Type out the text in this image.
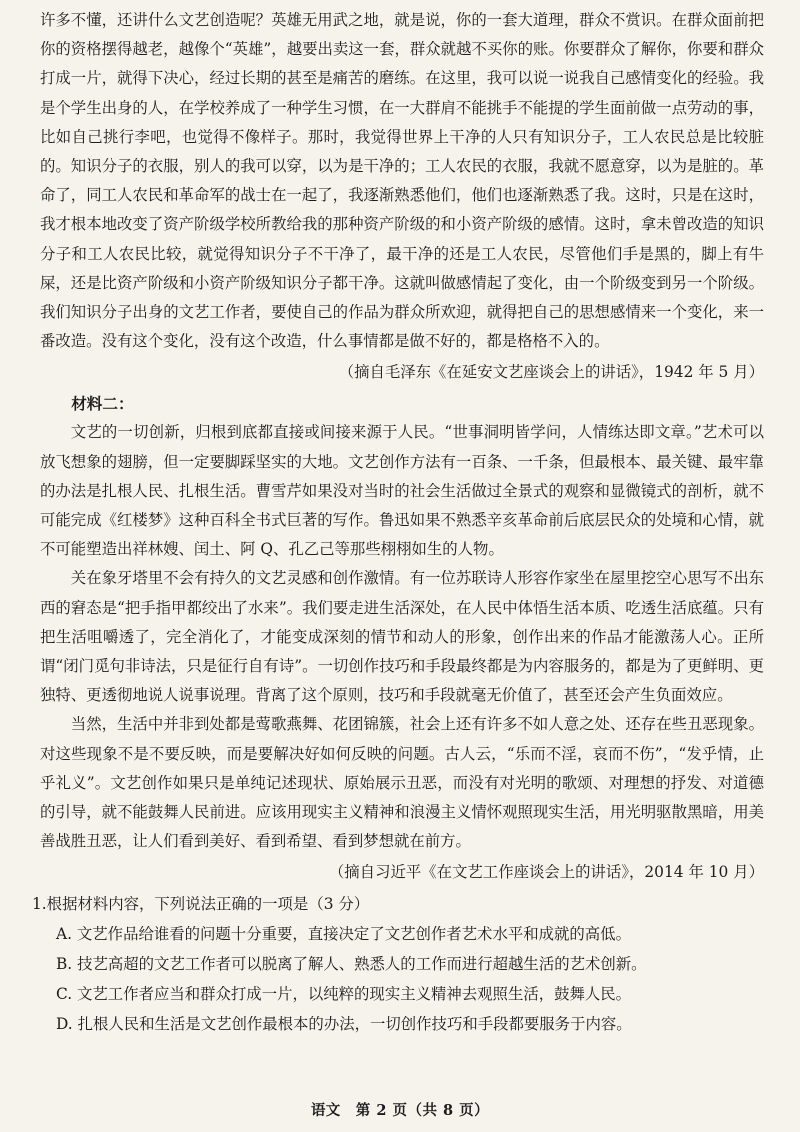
许多不懂，还讲什么文艺创造呢？英雄无用武之地，就是说，你的一套大道理，群众不赏识。在群众面前把你的资格摆得越老，越像个“英雄”，越要出卖这一套，群众就越不买你的账。你要群众了解你，你要和群众打成一片，就得下决心，经过长期的甚至是痛苦的磨练。在这里，我可以说一说我自己感情变化的经验。我是个学生出身的人，在学校养成了一种学生习惯，在一大群肩不能挑手不能提的学生面前做一点劳动的事，比如自己挑行李吧，也觉得不像样子。那时，我觉得世界上干净的人只有知识分子，工人农民总是比较脏的。知识分子的衣服，别人的我可以穿，以为是干净的；工人农民的衣服，我就不愿意穿，以为是脏的。革命了，同工人农民和革命军的战士在一起了，我逐渐熟悉他们，他们也逐渐熟悉了我。这时，只是在这时，我才根本地改变了资产阶级学校所教给我的那种资产阶级的和小资产阶级的感情。这时，拿未曾改造的知识分子和工人农民比较，就觉得知识分子不干净了，最干净的还是工人农民，尽管他们手是黑的，脚上有牛屎，还是比资产阶级和小资产阶级知识分子都干净。这就叫做感情起了变化，由一个阶级变到另一个阶级。我们知识分子出身的文艺工作者，要使自己的作品为群众所欢迎，就得把自己的思想感情来一个变化，来一番改造。没有这个变化，没有这个改造，什么事情都是做不好的，都是格格不入的。

（摘自毛泽东《在延安文艺座谈会上的讲话》，1942 年 5 月）

材料二：

文艺的一切创新，归根到底都直接或间接来源于人民。“世事洞明皆学问，人情练达即文章。”艺术可以放飞想象的翅膀，但一定要脚踩坚实的大地。文艺创作方法有一百条、一千条，但最根本、最关键、最牢靠的办法是扎根人民、扎根生活。曹雪芹如果没对当时的社会生活做过全景式的观察和显微镜式的剖析，就不可能完成《红楼梦》这种百科全书式巨著的写作。鲁迅如果不熟悉辛亥革命前后底层民众的处境和心情，就不可能塑造出祥林嫂、闰土、阿 Q、孔乙己等那些栩栩如生的人物。

关在象牙塔里不会有持久的文艺灵感和创作激情。有一位苏联诗人形容作家坐在屋里挖空心思写不出东西的窘态是“把手指甲都绞出了水来”。我们要走进生活深处，在人民中体悟生活本质、吃透生活底蕴。只有把生活咀嚼透了，完全消化了，才能变成深刻的情节和动人的形象，创作出来的作品才能激荡人心。正所谓“闭门觅句非诗法，只是征行自有诗”。一切创作技巧和手段最终都是为内容服务的，都是为了更鲜明、更独特、更透彻地说人说事说理。背离了这个原则，技巧和手段就毫无价值了，甚至还会产生负面效应。

当然，生活中并非到处都是莺歌燕舞、花团锦簇，社会上还有许多不如人意之处、还存在些丑恶现象。对这些现象不是不要反映，而是要解决好如何反映的问题。古人云，“乐而不淫，哀而不伤”，“发乎情，止乎礼义”。文艺创作如果只是单纯记述现状、原始展示丑恶，而没有对光明的歌颂、对理想的抒发、对道德的引导，就不能鼓舞人民前进。应该用现实主义精神和浪漫主义情怀观照现实生活，用光明驱散黑暗，用美善战胜丑恶，让人们看到美好、看到希望、看到梦想就在前方。

（摘自习近平《在文艺工作座谈会上的讲话》，2014 年 10 月）

1.根据材料内容，下列说法正确的一项是（3 分）

A. 文艺作品给谁看的问题十分重要，直接决定了文艺创作者艺术水平和成就的高低。

B. 技艺高超的文艺工作者可以脱离了解人、熟悉人的工作而进行超越生活的艺术创新。

C. 文艺工作者应当和群众打成一片，以纯粹的现实主义精神去观照生活，鼓舞人民。

D. 扎根人民和生活是文艺创作最根本的办法，一切创作技巧和手段都要服务于内容。

语文　第 2 页（共 8 页）
